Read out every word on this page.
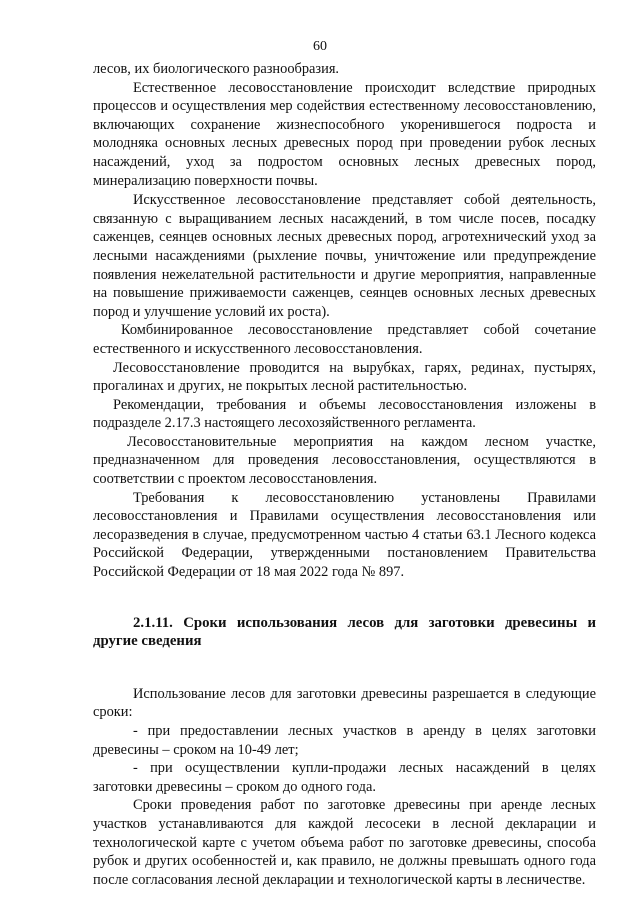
60

лесов, их биологического разнообразия.

Естественное лесовосстановление происходит вследствие природных процессов и осуществления мер содействия естественному лесовосстановлению, включающих сохранение жизнеспособного укоренившегося подроста и молодняка основных лесных древесных пород при проведении рубок лесных насаждений, уход за подростом основных лесных древесных пород, минерализацию поверхности почвы.

Искусственное лесовосстановление представляет собой деятельность, связанную с выращиванием лесных насаждений, в том числе посев, посадку саженцев, сеянцев основных лесных древесных пород, агротехнический уход за лесными насаждениями (рыхление почвы, уничтожение или предупреждение появления нежелательной растительности и другие мероприятия, направленные на повышение приживаемости саженцев, сеянцев основных лесных древесных пород и улучшение условий их роста).

Комбинированное лесовосстановление представляет собой сочетание естественного и искусственного лесовосстановления.

Лесовосстановление проводится на вырубках, гарях, рединах, пустырях, прогалинах и других, не покрытых лесной растительностью.

Рекомендации, требования и объемы лесовосстановления изложены в подразделе 2.17.3 настоящего лесохозяйственного регламента.

Лесовосстановительные мероприятия на каждом лесном участке, предназначенном для проведения лесовосстановления, осуществляются в соответствии с проектом лесовосстановления.

Требования к лесовосстановлению установлены Правилами лесовосстановления и Правилами осуществления лесовосстановления или лесоразведения в случае, предусмотренном частью 4 статьи 63.1 Лесного кодекса Российской Федерации, утвержденными постановлением Правительства Российской Федерации от 18 мая 2022 года № 897.

2.1.11. Сроки использования лесов для заготовки древесины и другие сведения

Использование лесов для заготовки древесины разрешается в следующие сроки:

- при предоставлении лесных участков в аренду в целях заготовки древесины – сроком на 10-49 лет;

- при осуществлении купли-продажи лесных насаждений в целях заготовки древесины – сроком до одного года.

Сроки проведения работ по заготовке древесины при аренде лесных участков устанавливаются для каждой лесосеки в лесной декларации и технологической карте с учетом объема работ по заготовке древесины, способа рубок и других особенностей и, как правило, не должны превышать одного года после согласования лесной декларации и технологической карты в лесничестве.
